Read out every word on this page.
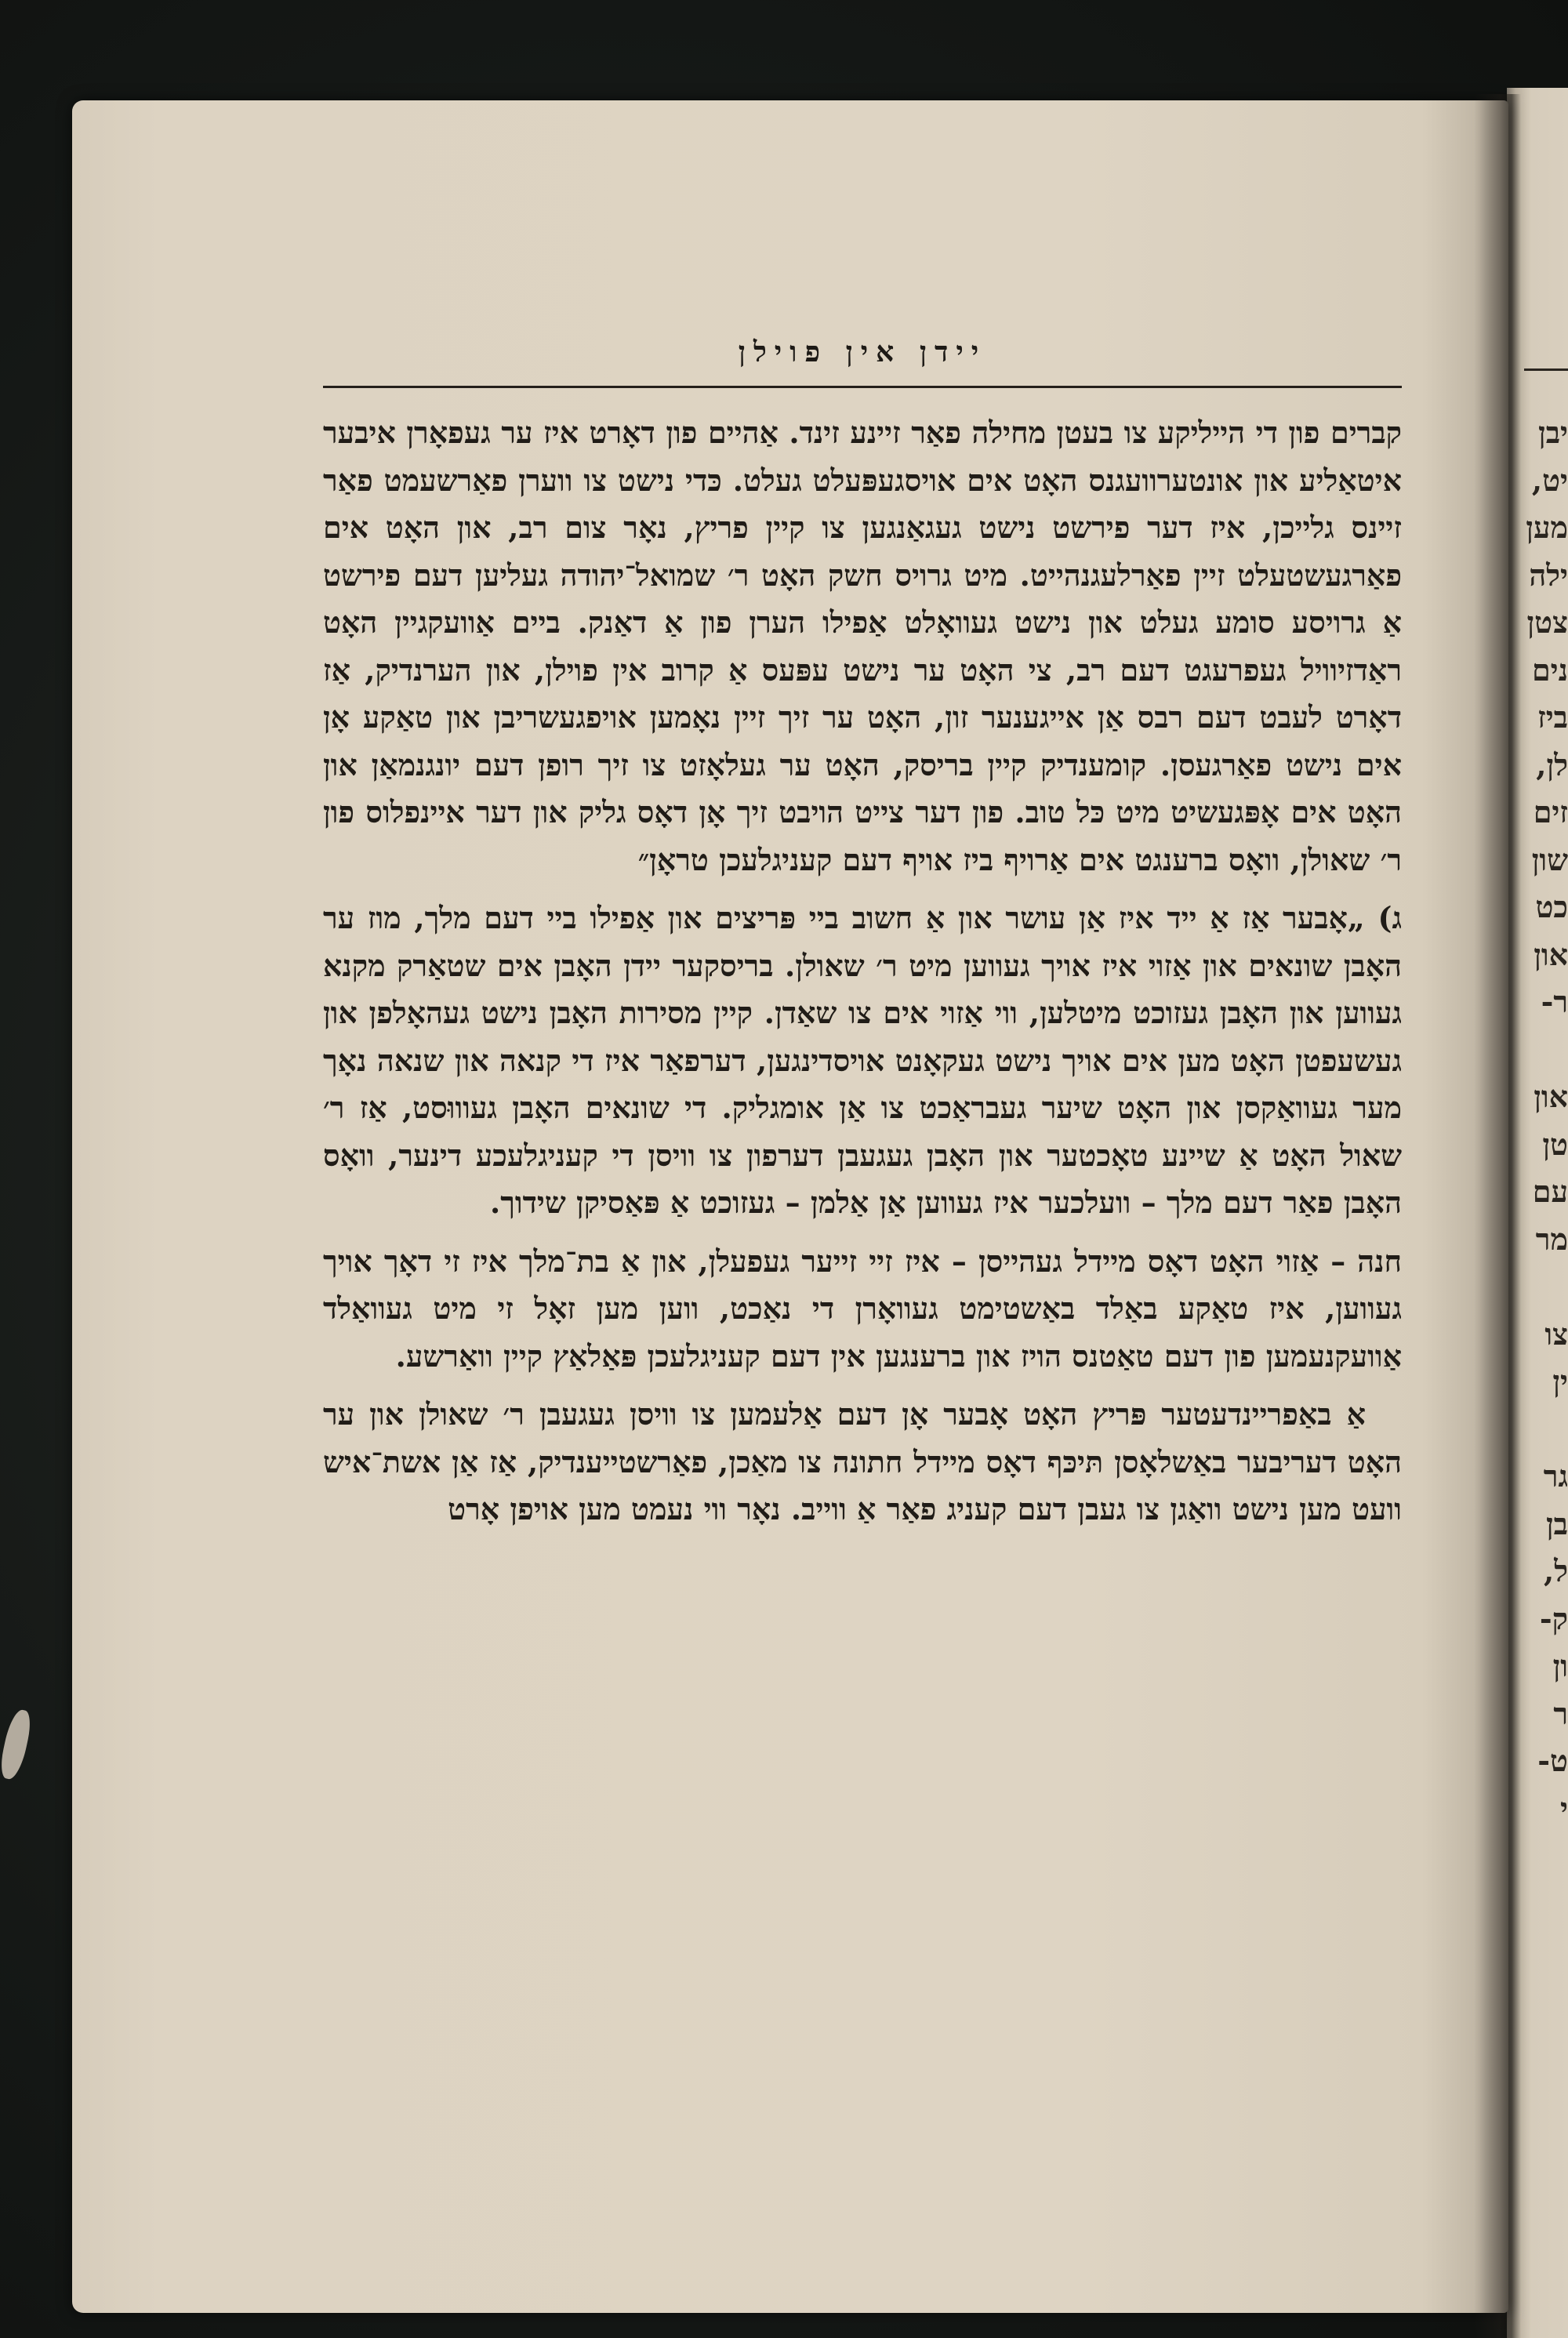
יבן
יט,
מען
ילה
צטן
נים
ביז
לן,
זים
שון
כט
און
ר-

און
טן
עם
מר

צו
ין

גר
בן
ל,
ק-
ון
ר
ט-
י
יידן אין פוילן

קברים פון די הייליקע צו בעטן מחילה פאַר זיינע זינד. אַהיים פון דאָרט איז ער געפאָרן איבער איטאַליע און אונטערוועגנס האָט אים אויסגעפּעלט געלט. כּדי נישט צו ווערן פאַרשעמט פאַר זיינס גלייכן, איז דער פירשט נישט געגאַנגען צו קיין פריץ, נאָר צום רב, און האָט אים פאַרגעשטעלט זיין פאַרלעגנהייט. מיט גרויס חשק האָט ר׳ שמואל־יהודה געליען דעם פירשט אַ גרויסע סומע געלט און נישט געוואָלט אַפילו הערן פון אַ דאַנק. ביים אַוועקגיין האָט ראַדזיוויל געפרעגט דעם רב, צי האָט ער נישט עפּעס אַ קרוב אין פוילן, און הערנדיק, אַז דאָרט לעבט דעם רבס אַן אייגענער זון, האָט ער זיך זיין נאָמען אויפגעשריבן און טאַקע אָן אים נישט פאַרגעסן. קומענדיק קיין בריסק, האָט ער געלאָזט צו זיך רופן דעם יונגנמאַן און האָט אים אָפּגעשיט מיט כּל טוב. פון דער צייט הויבט זיך אָן דאָס גליק און דער איינפלוס פון ר׳ שאולן, וואָס ברענגט אים אַרויף ביז אויף דעם קעניגלעכן טראָן״

ג) „אָבער אַז אַ ייד איז אַן עושר און אַ חשוב ביי פּריצים און אַפילו ביי דעם מלך, מוז ער האָבן שונאים און אַזוי איז אויך געווען מיט ר׳ שאולן. בריסקער יידן האָבן אים שטאַרק מקנא געווען און האָבן געזוכט מיטלען, ווי אַזוי אים צו שאַדן. קיין מסירות האָבן נישט געהאָלפן און געשעפטן האָט מען אים אויך נישט געקאָנט אויסדינגען, דערפאַר איז די קנאה און שנאה נאָך מער געוואַקסן און האָט שיער געבראַכט צו אַן אומגליק. די שונאים האָבן געוווּסט, אַז ר׳ שאול האָט אַ שיינע טאָכטער און האָבן געגעבן דערפון צו וויסן די קעניגלעכע דינער, וואָס האָבן פאַר דעם מלך – וועלכער איז געווען אַן אַלמן – געזוכט אַ פּאַסיקן שידוך.

חנה – אַזוי האָט דאָס מיידל געהייסן – איז זיי זייער געפעלן, און אַ בת־מלך איז זי דאָך אויך געווען, איז טאַקע באַלד באַשטימט געוואָרן די נאַכט, ווען מען זאָל זי מיט געוואַלד אַוועקנעמען פון דעם טאַטנס הויז און ברענגען אין דעם קעניגלעכן פּאַלאַץ קיין וואַרשע.

אַ באַפריינדעטער פּריץ האָט אָבער אָן דעם אַלעמען צו וויסן געגעבן ר׳ שאולן און ער האָט דעריבער באַשלאָסן תּיכּף דאָס מיידל חתונה צו מאַכן, פאַרשטייענדיק, אַז אַן אשת־איש וועט מען נישט וואַגן צו געבן דעם קעניג פאַר אַ ווייב. נאָר ווי נעמט מען אויפן אָרט
